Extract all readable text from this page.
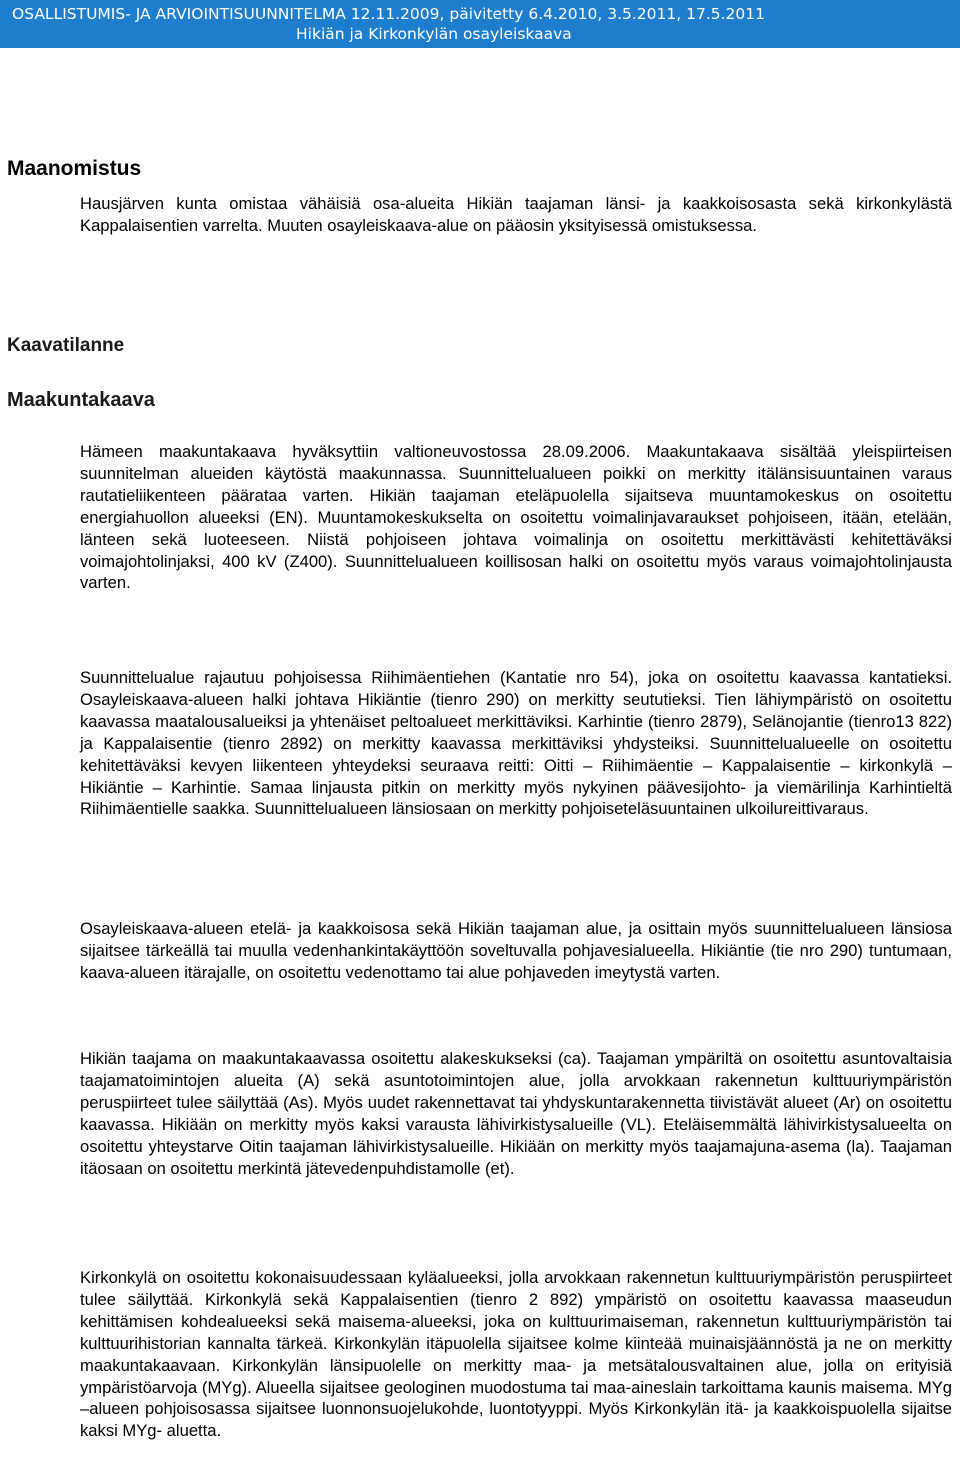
OSALLISTUMIS- JA ARVIOINTISUUNNITELMA 12.11.2009, päivitetty 6.4.2010, 3.5.2011, 17.5.2011
Hikiän ja Kirkonkylän osayleiskaava
Maanomistus

Hausjärven kunta omistaa vähäisiä osa-alueita Hikiän taajaman länsi- ja kaakkoisosasta sekä kirkonkylästä Kappalaisentien varrelta. Muuten osayleiskaava-alue on pääosin yksityisessä omistuksessa.

Kaavatilanne
Maakuntakaava

Hämeen maakuntakaava hyväksyttiin valtioneuvostossa 28.09.2006. Maakuntakaava sisältää yleispiirteisen suunnitelman alueiden käytöstä maakunnassa. Suunnittelualueen poikki on merkitty itälänsisuuntainen varaus rautatieliikenteen päärataa varten. Hikiän taajaman eteläpuolella sijaitseva muuntamokeskus on osoitettu energiahuollon alueeksi (EN). Muuntamokeskukselta on osoitettu voimalinjavaraukset pohjoiseen, itään, etelään, länteen sekä luoteeseen. Niistä pohjoiseen johtava voimalinja on osoitettu merkittävästi kehitettäväksi voimajohtolinjaksi, 400 kV (Z400). Suunnittelualueen koillisosan halki on osoitettu myös varaus voimajohtolinjausta varten.

Suunnittelualue rajautuu pohjoisessa Riihimäentiehen (Kantatie nro 54), joka on osoitettu kaavassa kantatieksi. Osayleiskaava-alueen halki johtava Hikiäntie (tienro 290) on merkitty seututieksi. Tien lähiympäristö on osoitettu kaavassa maatalousalueiksi ja yhtenäiset peltoalueet merkittäviksi. Karhintie (tienro 2879), Selänojantie (tienro13 822) ja Kappalaisentie (tienro 2892) on merkitty kaavassa merkittäviksi yhdysteiksi. Suunnittelualueelle on osoitettu kehitettäväksi kevyen liikenteen yhteydeksi seuraava reitti: Oitti – Riihimäentie – Kappalaisentie – kirkonkylä – Hikiäntie – Karhintie. Samaa linjausta pitkin on merkitty myös nykyinen päävesijohto- ja viemärilinja Karhintieltä Riihimäentielle saakka. Suunnittelualueen länsiosaan on merkitty pohjoiseteläsuuntainen ulkoilureittivaraus.

Osayleiskaava-alueen etelä- ja kaakkoisosa sekä Hikiän taajaman alue, ja osittain myös suunnittelualueen länsiosa sijaitsee tärkeällä tai muulla vedenhankintakäyttöön soveltuvalla pohjavesialueella. Hikiäntie (tie nro 290) tuntumaan, kaava-alueen itärajalle, on osoitettu vedenottamo tai alue pohjaveden imeytystä varten.

Hikiän taajama on maakuntakaavassa osoitettu alakeskukseksi (ca). Taajaman ympäriltä on osoitettu asuntovaltaisia taajamatoimintojen alueita (A) sekä asuntotoimintojen alue, jolla arvokkaan rakennetun kulttuuriympäristön peruspiirteet tulee säilyttää (As). Myös uudet rakennettavat tai yhdyskuntarakennetta tiivistävät alueet (Ar) on osoitettu kaavassa. Hikiään on merkitty myös kaksi varausta lähivirkistysalueille (VL). Eteläisemmältä lähivirkistysalueelta on osoitettu yhteystarve Oitin taajaman lähivirkistysalueille. Hikiään on merkitty myös taajamajuna-asema (la). Taajaman itäosaan on osoitettu merkintä jätevedenpuhdistamolle (et).

Kirkonkylä on osoitettu kokonaisuudessaan kyläalueeksi, jolla arvokkaan rakennetun kulttuuriympäristön peruspiirteet tulee säilyttää. Kirkonkylä sekä Kappalaisentien (tienro 2 892) ympäristö on osoitettu kaavassa maaseudun kehittämisen kohdealueeksi sekä maisema-alueeksi, joka on kulttuurimaiseman, rakennetun kulttuuriympäristön tai kulttuurihistorian kannalta tärkeä. Kirkonkylän itäpuolella sijaitsee kolme kiinteää muinaisjäännöstä ja ne on merkitty maakuntakaavaan. Kirkonkylän länsipuolelle on merkitty maa- ja metsätalousvaltainen alue, jolla on erityisiä ympäristöarvoja (MYg). Alueella sijaitsee geologinen muodostuma tai maa-aineslain tarkoittama kaunis maisema. MYg –alueen pohjoisosassa sijaitsee luonnonsuojelukohde, luontotyyppi. Myös Kirkonkylän itä- ja kaakkoispuolella sijaitse kaksi MYg- aluetta.
